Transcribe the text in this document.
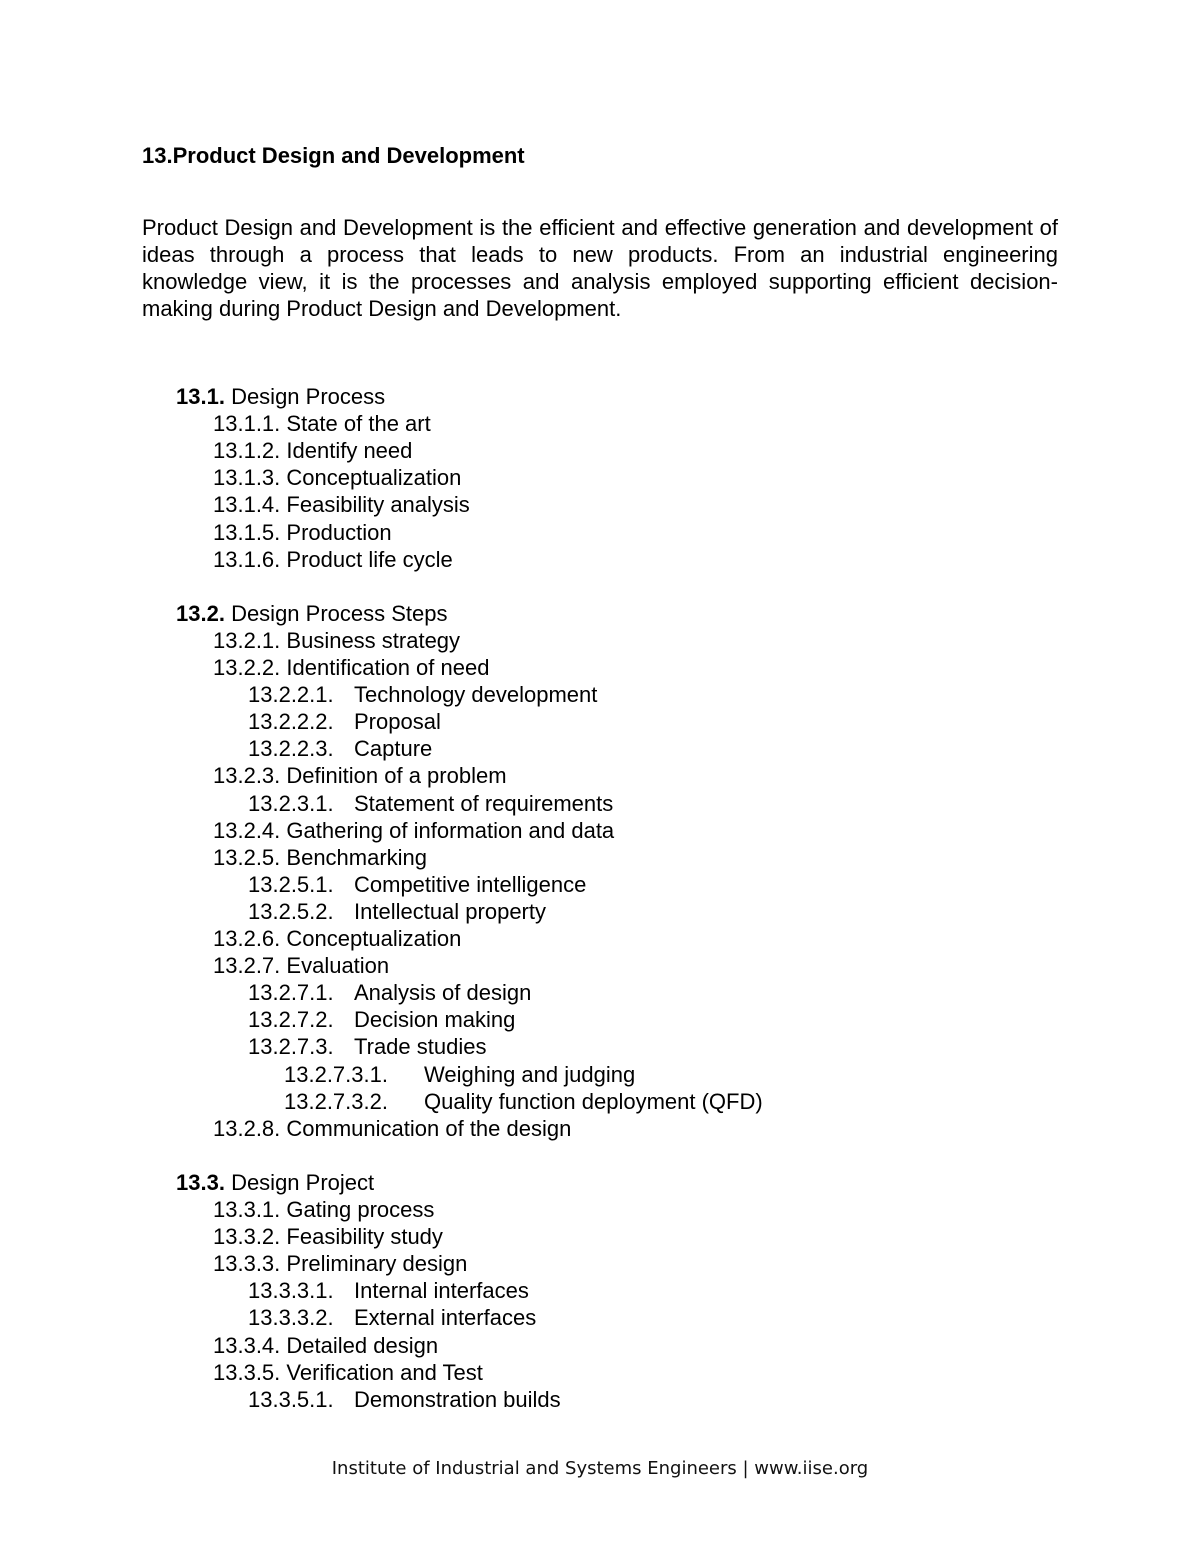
13.Product Design and Development

Product Design and Development is the efficient and effective generation and development of ideas through a process that leads to new products. From an industrial engineering knowledge view, it is the processes and analysis employed supporting efficient decision-making during Product Design and Development.

13.1. Design Process
13.1.1. State of the art
13.1.2. Identify need
13.1.3. Conceptualization
13.1.4. Feasibility analysis
13.1.5. Production
13.1.6. Product life cycle
13.2. Design Process Steps
13.2.1. Business strategy
13.2.2. Identification of need
13.2.2.1. Technology development
13.2.2.2. Proposal
13.2.2.3. Capture
13.2.3. Definition of a problem
13.2.3.1. Statement of requirements
13.2.4. Gathering of information and data
13.2.5. Benchmarking
13.2.5.1. Competitive intelligence
13.2.5.2. Intellectual property
13.2.6. Conceptualization
13.2.7. Evaluation
13.2.7.1. Analysis of design
13.2.7.2. Decision making
13.2.7.3. Trade studies
13.2.7.3.1. Weighing and judging
13.2.7.3.2. Quality function deployment (QFD)
13.2.8. Communication of the design
13.3. Design Project
13.3.1. Gating process
13.3.2. Feasibility study
13.3.3. Preliminary design
13.3.3.1. Internal interfaces
13.3.3.2. External interfaces
13.3.4. Detailed design
13.3.5. Verification and Test
13.3.5.1. Demonstration builds
Institute of Industrial and Systems Engineers | www.iise.org
